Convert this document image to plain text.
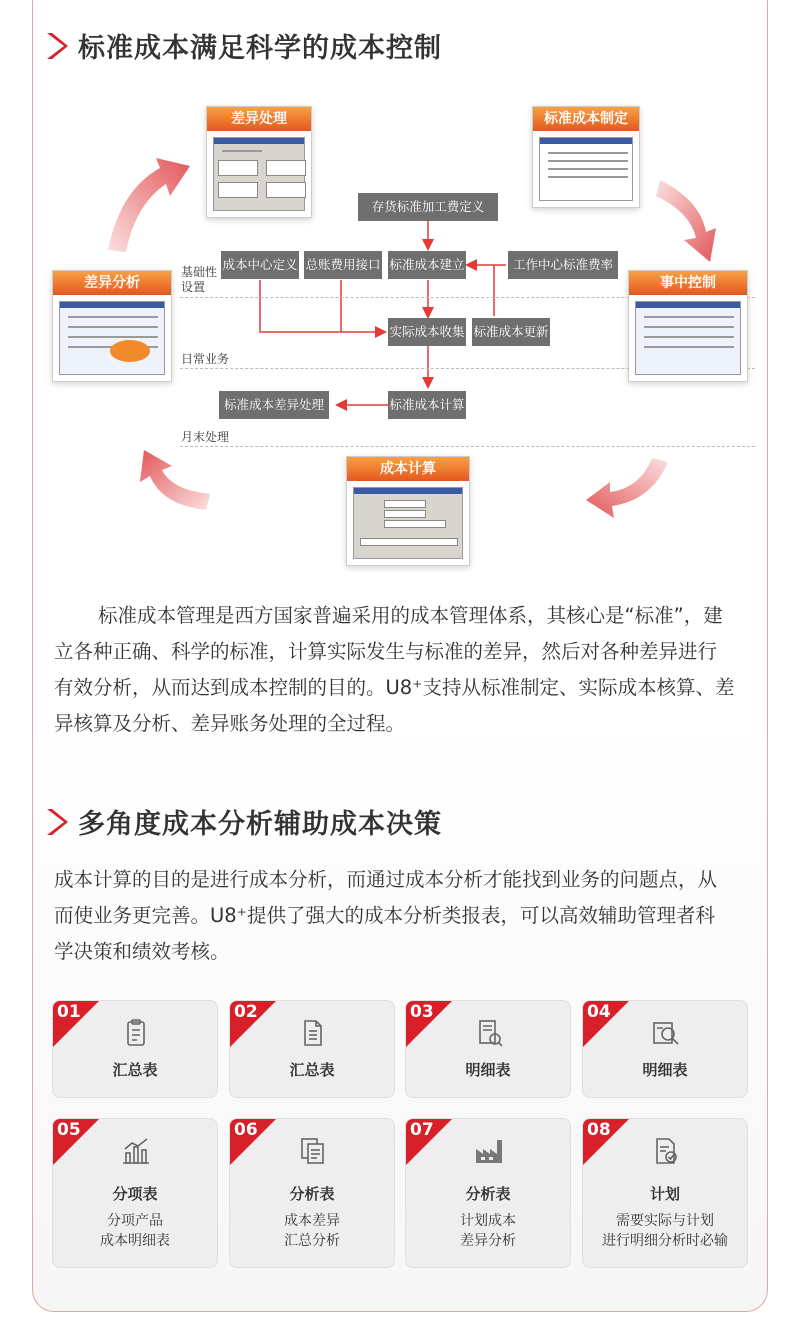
标准成本满足科学的成本控制
存货标准加工费定义
成本中心定义 总账费用接口 标准成本建立	工作中心标准费率
实际成本收集 标准成本更新
标准成本差异处理	标准成本计算
基础性
设置
日常业务
月末处理
差异处理	标准成本制定
差异分析	事中控制
成本计算
标准成本管理是西方国家普遍采用的成本管理体系，其核心是“标准”，建
立各种正确、科学的标准，计算实际发生与标准的差异，然后对各种差异进行
有效分析，从而达到成本控制的目的。U8⁺支持从标准制定、实际成本核算、差
异核算及分析、差异账务处理的全过程。
多角度成本分析辅助成本决策
成本计算的目的是进行成本分析，而通过成本分析才能找到业务的问题点，从
而使业务更完善。U8⁺提供了强大的成本分析类报表，可以高效辅助管理者科
学决策和绩效考核。
01
汇总表
02
汇总表
03
明细表
04
明细表
05
分项表
分项产品
成本明细表
06
分析表
成本差异
汇总分析
07
分析表
计划成本
差异分析
08
计划
需要实际与计划
进行明细分析时必输
